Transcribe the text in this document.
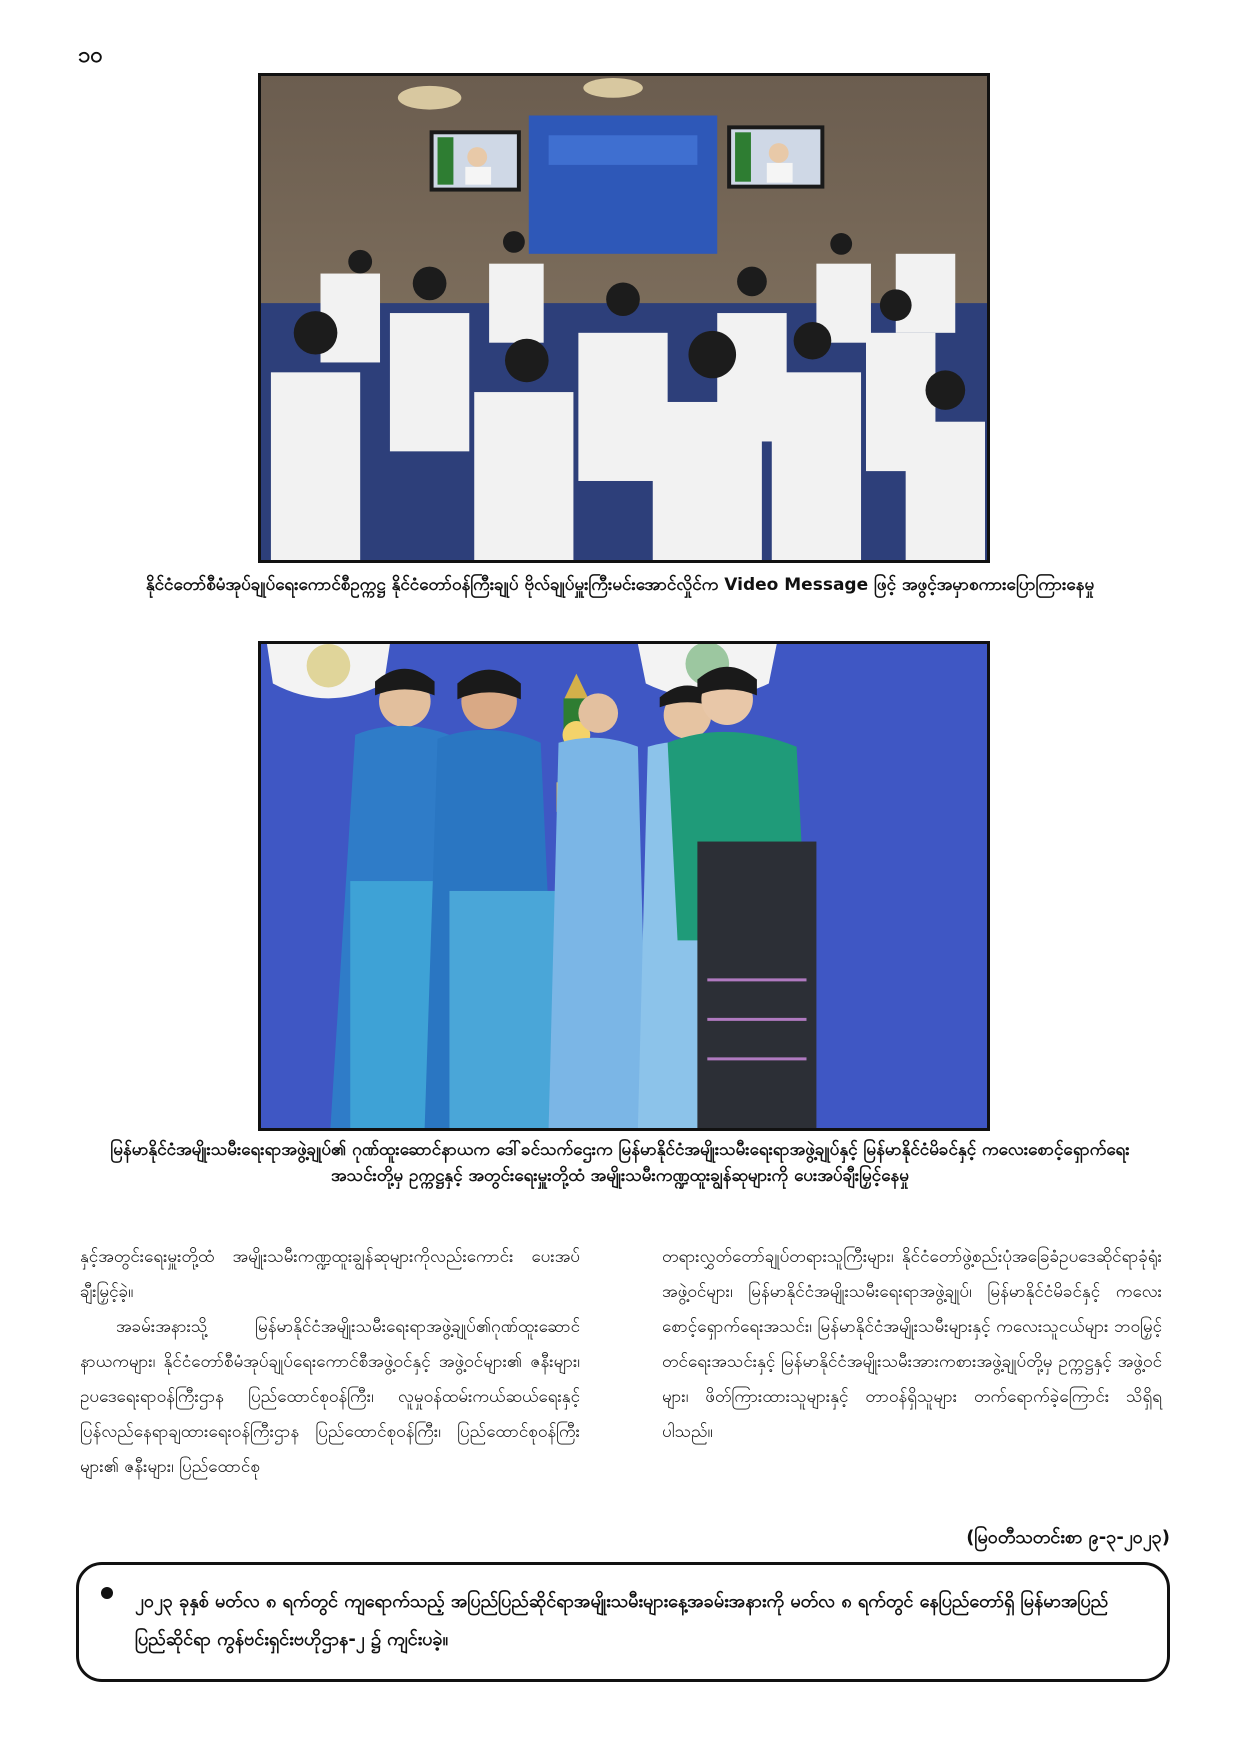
၁၀
နိုင်ငံတော်စီမံအုပ်ချုပ်ရေးကောင်စီဥက္ကဋ္ဌ နိုင်ငံတော်ဝန်ကြီးချုပ် ဗိုလ်ချုပ်မှူးကြီးမင်းအောင်လှိုင်က Video Message ဖြင့် အဖွင့်အမှာစကားပြောကြားနေမှု
မြန်မာနိုင်ငံအမျိုးသမီးရေးရာအဖွဲ့ချုပ်၏ ဂုဏ်ထူးဆောင်နာယက ဒေါ်ခင်သက်ဌေးက မြန်မာနိုင်ငံအမျိုးသမီးရေးရာအဖွဲ့ချုပ်နှင့် မြန်မာနိုင်ငံမိခင်နှင့် ကလေးစောင့်ရှောက်ရေးအသင်းတို့မှ ဥက္ကဋ္ဌနှင့် အတွင်းရေးမှူးတို့ထံ အမျိုးသမီးကဏ္ဍထူးချွန်ဆုများကို ပေးအပ်ချီးမြှင့်နေမှု

နှင့်အတွင်းရေးမှူးတို့ထံ အမျိုးသမီးကဏ္ဍထူးချွန်ဆုများကိုလည်းကောင်း ပေးအပ်ချီးမြှင့်ခဲ့။

အခမ်းအနားသို့ မြန်မာနိုင်ငံအမျိုးသမီးရေးရာအဖွဲ့ချုပ်၏ဂုဏ်ထူးဆောင်နာယကများ၊ နိုင်ငံတော်စီမံအုပ်ချုပ်ရေးကောင်စီအဖွဲ့ဝင်နှင့် အဖွဲ့ဝင်များ၏ ဇနီးများ၊ ဥပဒေရေးရာဝန်ကြီးဌာန ပြည်ထောင်စုဝန်ကြီး၊ လူမှုဝန်ထမ်းကယ်ဆယ်ရေးနှင့် ပြန်လည်နေရာချထားရေးဝန်ကြီးဌာန ပြည်ထောင်စုဝန်ကြီး၊ ပြည်ထောင်စုဝန်ကြီးများ၏ ဇနီးများ၊ ပြည်ထောင်စု

တရားလွှတ်တော်ချုပ်တရားသူကြီးများ၊ နိုင်ငံတော်ဖွဲ့စည်းပုံအခြေခံဥပဒေဆိုင်ရာခုံရုံးအဖွဲ့ဝင်များ၊ မြန်မာနိုင်ငံအမျိုးသမီးရေးရာအဖွဲ့ချုပ်၊ မြန်မာနိုင်ငံမိခင်နှင့် ကလေးစောင့်ရှောက်ရေးအသင်း၊ မြန်မာနိုင်ငံအမျိုးသမီးများနှင့် ကလေးသူငယ်များ ဘဝမြှင့်တင်ရေးအသင်းနှင့် မြန်မာနိုင်ငံအမျိုးသမီးအားကစားအဖွဲ့ချုပ်တို့မှ ဥက္ကဋ္ဌနှင့် အဖွဲ့ဝင်များ၊ ဖိတ်ကြားထားသူများနှင့် တာဝန်ရှိသူများ တက်ရောက်ခဲ့ကြောင်း သိရှိရပါသည်။

(မြဝတီသတင်းစာ ၉-၃-၂၀၂၃)
၂၀၂၃ ခုနှစ် မတ်လ ၈ ရက်တွင် ကျရောက်သည့် အပြည်ပြည်ဆိုင်ရာအမျိုးသမီးများနေ့အခမ်းအနားကို မတ်လ ၈ ရက်တွင် နေပြည်တော်ရှိ မြန်မာအပြည်ပြည်ဆိုင်ရာ ကွန်ဗင်းရှင်းဗဟိုဌာန-၂ ၌ ကျင်းပခဲ့။
